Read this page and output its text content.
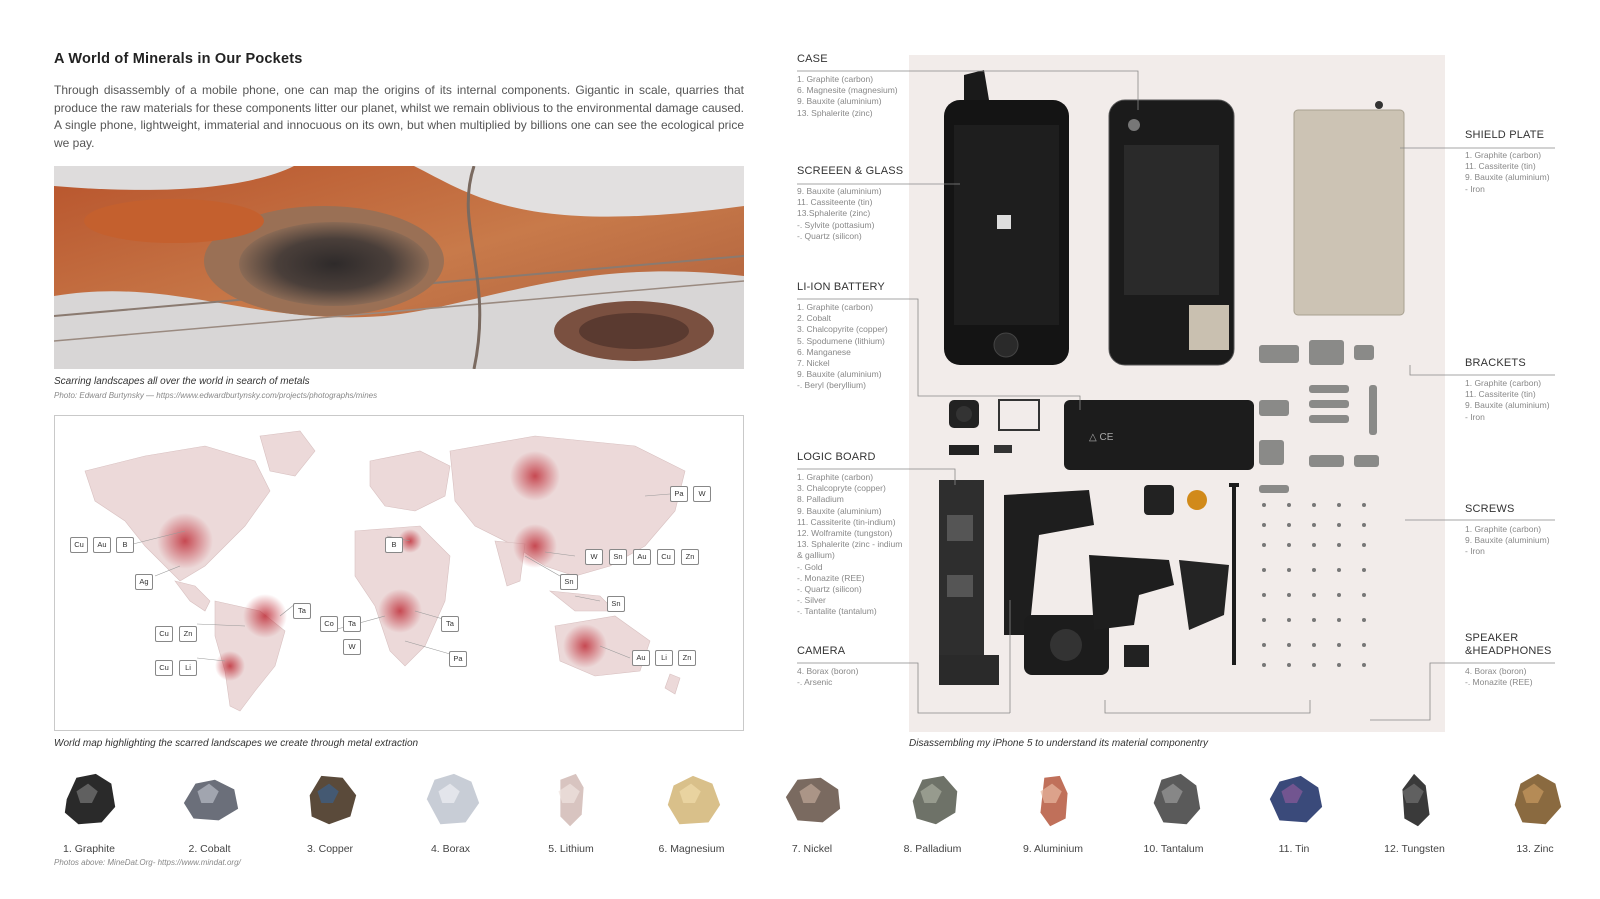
A World of Minerals in Our Pockets

Through disassembly of a mobile phone, one can map the origins of its internal components. Gigantic in scale, quarries that produce the raw materials for these components litter our planet, whilst we remain oblivious to the environmental damage caused. A single phone, lightweight, immaterial and innocuous on its own, but when multiplied by billions one can see the ecological price we pay.

Scarring landscapes all over the world in search of metals
Photo: Edward Burtynsky — https://www.edwardburtynsky.com/projects/photographs/mines
Cu	Au	B
Ag
Cu	Zn
Cu	Li
Ta
Co	Ta
W
Ta
Pa
B
Sn
W	Sn	Au	Cu	Zn
Sn
Pa	W
Au	Li	Zn
World map highlighting the scarred landscapes we create through metal extraction
△ CE
CASE
1. Graphite (carbon)
6. Magnesite (magnesium)
9. Bauxite (aluminium)
13. Sphalerite (zinc)
SCREEEN & GLASS
9. Bauxite (aluminium)
11. Cassiteente (tin)
13.Sphalerite (zinc)
-. Sylvite (pottasium)
-. Quartz (silicon)
LI-ION BATTERY
1. Graphite (carbon)
2. Cobalt
3. Chalcopyrite (copper)
5. Spodumene (lithium)
6. Manganese
7. Nickel
9. Bauxite (aluminium)
-. Beryl (beryllium)
LOGIC BOARD
1. Graphite (carbon)
3. Chalcopryte (copper)
8. Palladium
9. Bauxite (aluminium)
11. Cassiterite (tin-indium)
12. Wolframite (tungston)
13. Sphalerite (zinc - indium
& gallium)
-. Gold
-. Monazite (REE)
-. Quartz (silicon)
-. Silver
-. Tantalite (tantalum)
CAMERA
4. Borax (boron)
-. Arsenic
SHIELD PLATE
1. Graphite (carbon)
11. Cassiterite (tin)
9. Bauxite (aluminium)
- Iron
BRACKETS
1. Graphite (carbon)
11. Cassiterite (tin)
9. Bauxite (aluminium)
- Iron
SCREWS
1. Graphite (carbon)
9. Bauxite (aluminium)
- Iron
SPEAKER
&HEADPHONES
4. Borax (boron)
-. Monazite (REE)
Disassembling my iPhone 5 to understand its material componentry
1. Graphite	2. Cobalt	3. Copper	4. Borax	5. Lithium	6. Magnesium	7. Nickel	8. Palladium	9. Aluminium	10. Tantalum	11. Tin	12. Tungsten	13. Zinc
Photos above: MineDat.Org- https://www.mindat.org/
